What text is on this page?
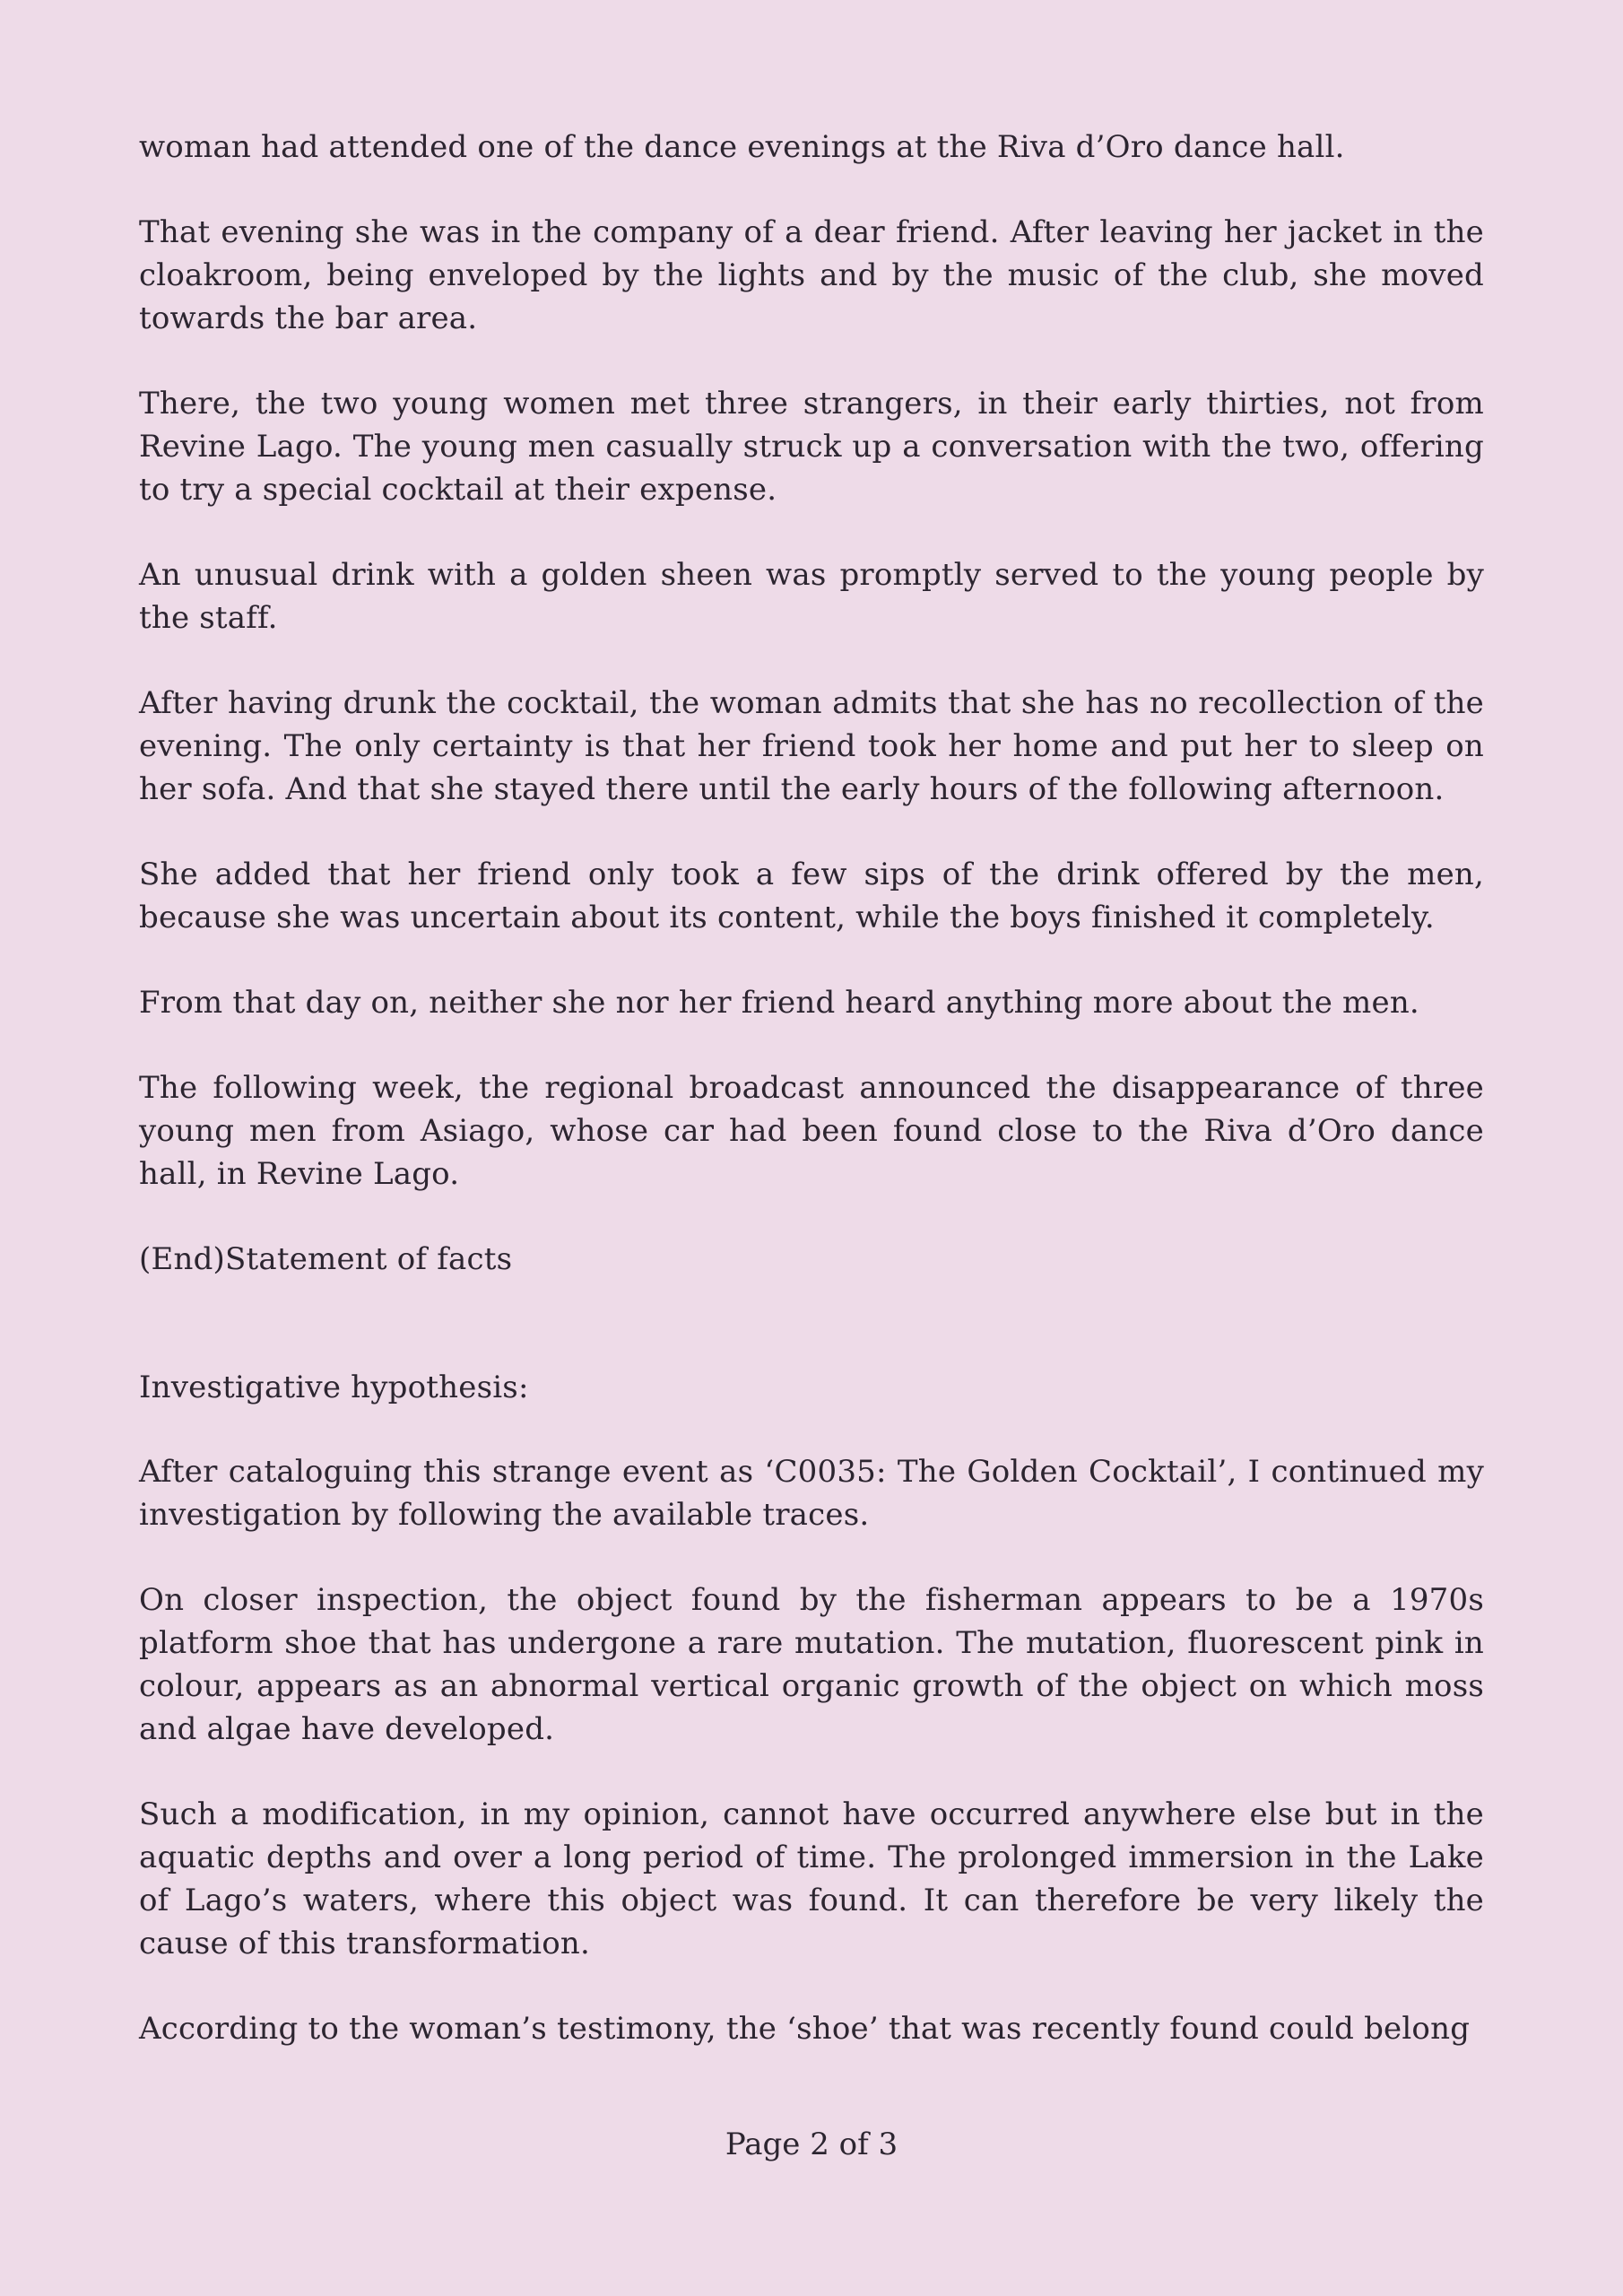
woman had attended one of the dance evenings at the Riva d’Oro dance hall.

That evening she was in the company of a dear friend. After leaving her jacket in the cloakroom, being enveloped by the lights and by the music of the club, she moved towards the bar area.

There, the two young women met three strangers, in their early thirties, not from Revine Lago. The young men casually struck up a conversation with the two, offering to try a special cocktail at their expense.

An unusual drink with a golden sheen was promptly served to the young people by the staff.

After having drunk the cocktail, the woman admits that she has no recollection of the evening. The only certainty is that her friend took her home and put her to sleep on her sofa. And that she stayed there until the early hours of the following afternoon.

She added that her friend only took a few sips of the drink offered by the men, because she was uncertain about its content, while the boys finished it completely.

From that day on, neither she nor her friend heard anything more about the men.

The following week, the regional broadcast announced the disappearance of three young men from Asiago, whose car had been found close to the Riva d’Oro dance hall, in Revine Lago.

(End)Statement of facts

Investigative hypothesis:

After cataloguing this strange event as ‘C0035: The Golden Cocktail’, I continued my investigation by following the available traces.

On closer inspection, the object found by the fisherman appears to be a 1970s platform shoe that has undergone a rare mutation. The mutation, fluorescent pink in colour, appears as an abnormal vertical organic growth of the object on which moss and algae have developed.

Such a modification, in my opinion, cannot have occurred anywhere else but in the aquatic depths and over a long period of time. The prolonged immersion in the Lake of Lago’s waters, where this object was found. It can therefore be very likely the cause of this transformation.

According to the woman’s testimony, the ‘shoe’ that was recently found could belong

Page 2 of 3
